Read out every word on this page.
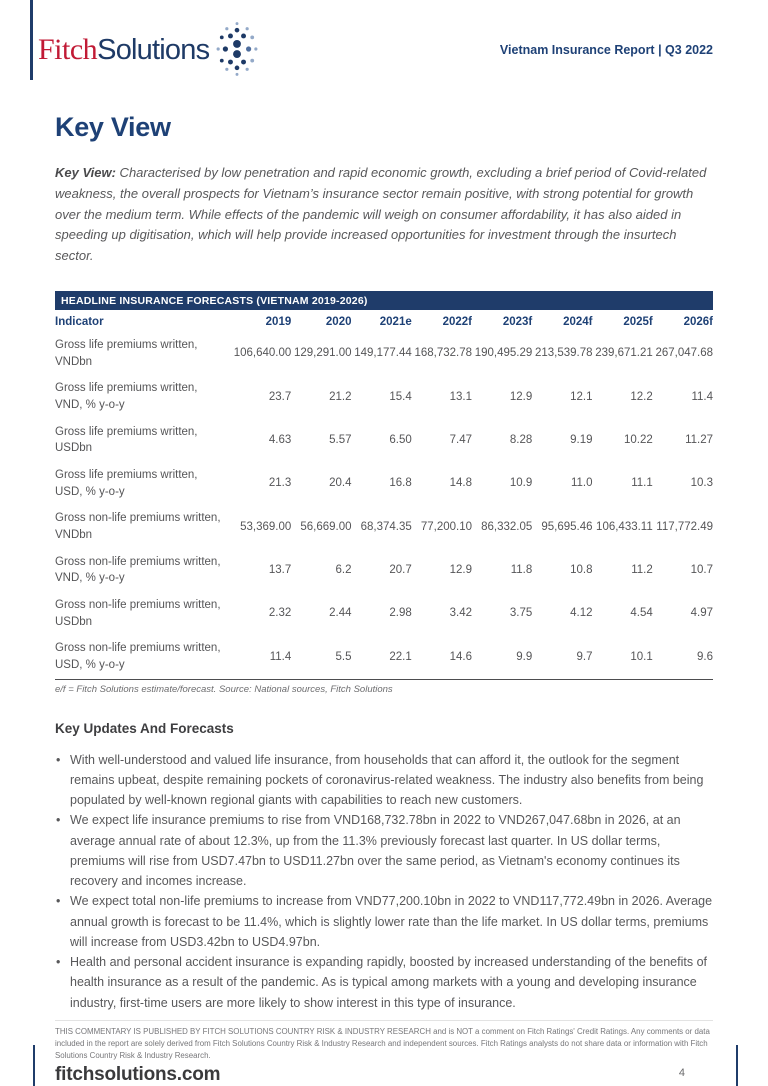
Fitch Solutions	Vietnam Insurance Report | Q3 2022
Key View

Key View: Characterised by low penetration and rapid economic growth, excluding a brief period of Covid-related weakness, the overall prospects for Vietnam’s insurance sector remain positive, with strong potential for growth over the medium term. While effects of the pandemic will weigh on consumer affordability, it has also aided in speeding up digitisation, which will help provide increased opportunities for investment through the insurtech sector.

HEADLINE INSURANCE FORECASTS (VIETNAM 2019-2026)
Indicator	2019	2020	2021e	2022f	2023f	2024f	2025f	2026f
Gross life premiums written, VNDbn	106,640.00	129,291.00	149,177.44	168,732.78	190,495.29	213,539.78	239,671.21	267,047.68
Gross life premiums written, VND, % y-o-y	23.7	21.2	15.4	13.1	12.9	12.1	12.2	11.4
Gross life premiums written, USDbn	4.63	5.57	6.50	7.47	8.28	9.19	10.22	11.27
Gross life premiums written, USD, % y-o-y	21.3	20.4	16.8	14.8	10.9	11.0	11.1	10.3
Gross non-life premiums written, VNDbn	53,369.00	56,669.00	68,374.35	77,200.10	86,332.05	95,695.46	106,433.11	117,772.49
Gross non-life premiums written, VND, % y-o-y	13.7	6.2	20.7	12.9	11.8	10.8	11.2	10.7
Gross non-life premiums written, USDbn	2.32	2.44	2.98	3.42	3.75	4.12	4.54	4.97
Gross non-life premiums written, USD, % y-o-y	11.4	5.5	22.1	14.6	9.9	9.7	10.1	9.6
e/f = Fitch Solutions estimate/forecast. Source: National sources, Fitch Solutions
Key Updates And Forecasts
• With well-understood and valued life insurance, from households that can afford it, the outlook for the segment remains upbeat, despite remaining pockets of coronavirus-related weakness. The industry also benefits from being populated by well-known regional giants with capabilities to reach new customers.
• We expect life insurance premiums to rise from VND168,732.78bn in 2022 to VND267,047.68bn in 2026, at an average annual rate of about 12.3%, up from the 11.3% previously forecast last quarter. In US dollar terms, premiums will rise from USD7.47bn to USD11.27bn over the same period, as Vietnam's economy continues its recovery and incomes increase.
• We expect total non-life premiums to increase from VND77,200.10bn in 2022 to VND117,772.49bn in 2026. Average annual growth is forecast to be 11.4%, which is slightly lower rate than the life market. In US dollar terms, premiums will increase from USD3.42bn to USD4.97bn.
• Health and personal accident insurance is expanding rapidly, boosted by increased understanding of the benefits of health insurance as a result of the pandemic. As is typical among markets with a young and developing insurance industry, first-time users are more likely to show interest in this type of insurance.
THIS COMMENTARY IS PUBLISHED BY FITCH SOLUTIONS COUNTRY RISK & INDUSTRY RESEARCH and is NOT a comment on Fitch Ratings' Credit Ratings. Any comments or data included in the report are solely derived from Fitch Solutions Country Risk & Industry Research and independent sources. Fitch Ratings analysts do not share data or information with Fitch Solutions Country Risk & Industry Research.
fitchsolutions.com	4
